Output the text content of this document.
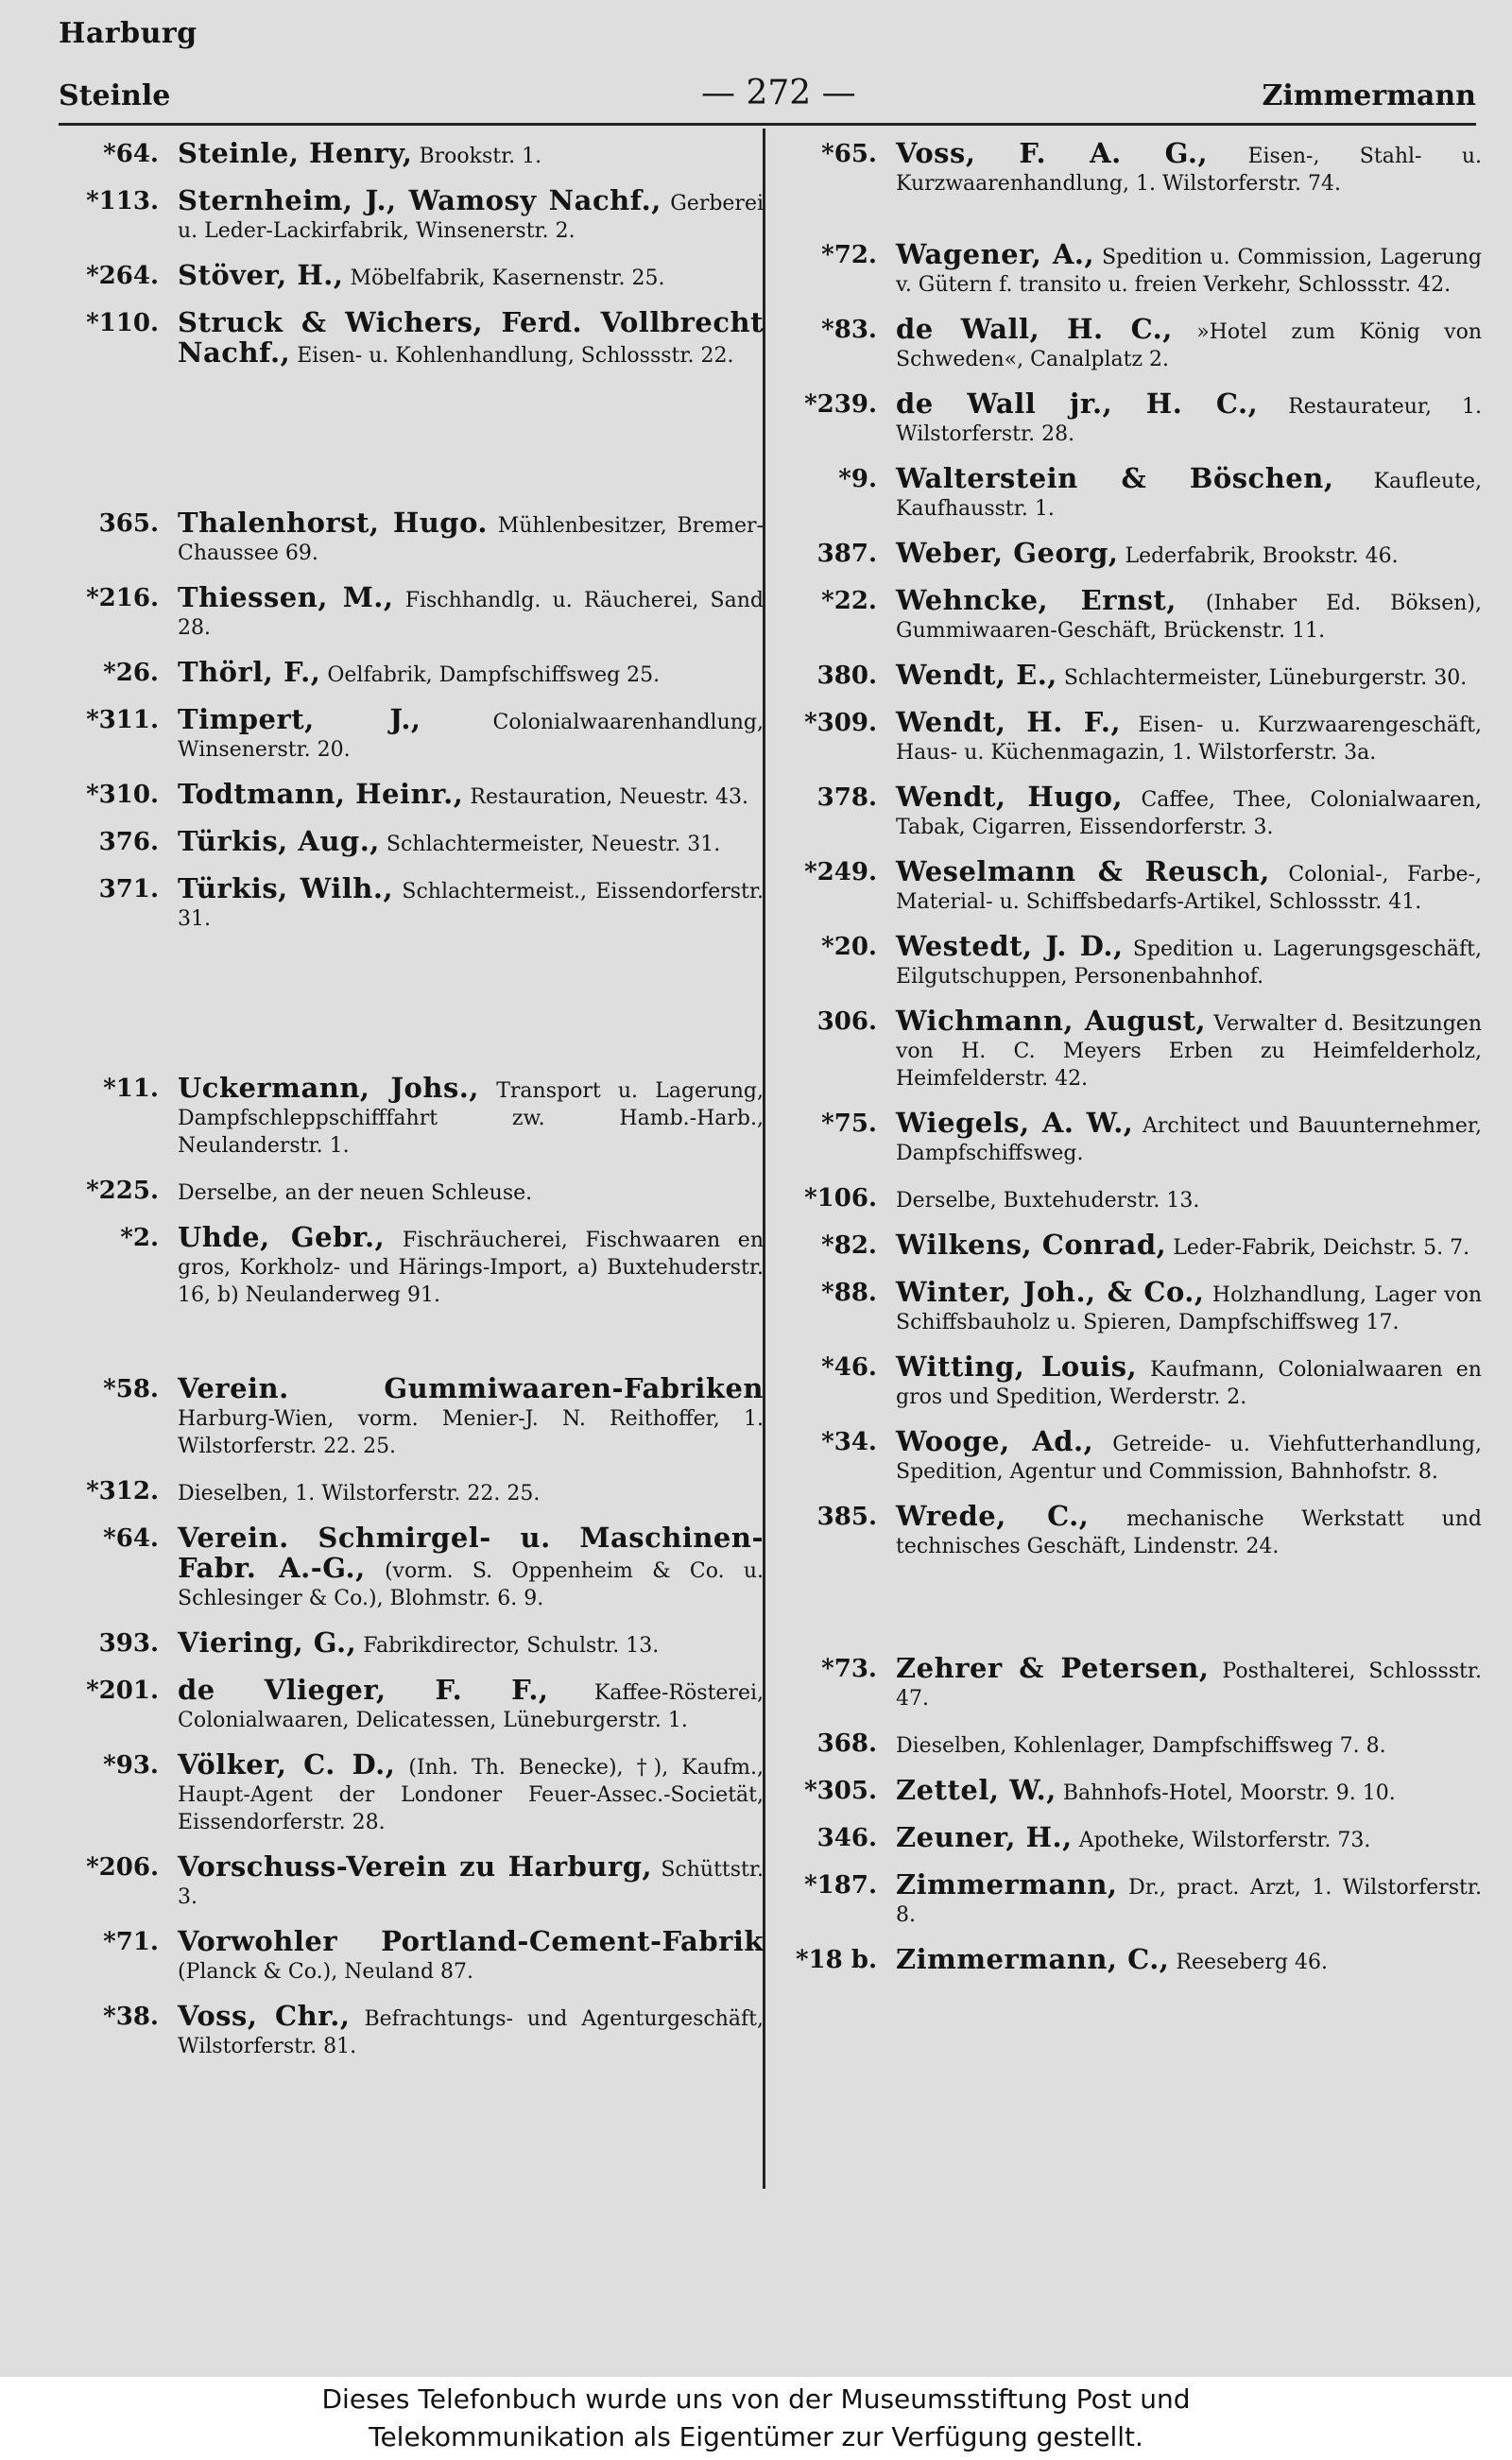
Harburg
Steinle	— 272 —	Zimmermann
*64. Steinle, Henry, Brookstr. 1.
*113. Sternheim, J., Wamosy Nachf., Gerberei u. Leder-Lackirfabrik, Winsenerstr. 2.
*264. Stöver, H., Möbelfabrik, Kasernenstr. 25.
*110. Struck & Wichers, Ferd. Vollbrecht Nachf., Eisen- u. Kohlenhandlung, Schlossstr. 22.
365. Thalenhorst, Hugo. Mühlenbesitzer, Bremer-Chaussee 69.
*216. Thiessen, M., Fischhandlg. u. Räucherei, Sand 28.
*26. Thörl, F., Oelfabrik, Dampfschiffsweg 25.
*311. Timpert, J.,	Colonialwaarenhandlung, Winsenerstr. 20.
*310. Todtmann, Heinr., Restauration, Neuestr. 43.
376. Türkis, Aug., Schlachtermeister, Neuestr. 31.
371. Türkis, Wilh., Schlachtermeist., Eissendorferstr. 31.
*11. Uckermann, Johs., Transport u. Lagerung, Dampfschleppschifffahrt zw. Hamb.-Harb., Neulanderstr. 1.
*225. Derselbe, an der neuen Schleuse.
*2. Uhde, Gebr., Fischräucherei, Fischwaaren en gros, Korkholz- und Härings-Import, a) Buxtehuderstr. 16, b) Neulanderweg 91.
*58. Verein. Gummiwaaren-Fabriken Harburg-Wien, vorm. Menier-J. N. Reithoffer, 1. Wilstorferstr. 22. 25.
*312. Dieselben, 1. Wilstorferstr. 22. 25.
*64. Verein. Schmirgel- u. Maschinen-Fabr. A.-G., (vorm. S. Oppenheim & Co. u. Schlesinger & Co.), Blohmstr. 6. 9.
393. Viering, G., Fabrikdirector, Schulstr. 13.
*201. de Vlieger, F. F., Kaffee-Rösterei, Colonialwaaren, Delicatessen, Lüneburgerstr. 1.
*93. Völker, C. D., (Inh. Th. Benecke), †), Kaufm., Haupt-Agent der Londoner Feuer-Assec.-Societät, Eissendorferstr. 28.
*206. Vorschuss-Verein zu Harburg, Schüttstr. 3.
*71. Vorwohler Portland-Cement-Fabrik (Planck & Co.), Neuland 87.
*38. Voss, Chr., Befrachtungs- und Agenturgeschäft, Wilstorferstr. 81.
*65. Voss, F. A. G., Eisen-, Stahl- u. Kurzwaarenhandlung, 1. Wilstorferstr. 74.
*72. Wagener, A., Spedition u. Commission, Lagerung v. Gütern f. transito u. freien Verkehr, Schlossstr. 42.
*83. de Wall, H. C., »Hotel zum König von Schweden«, Canalplatz 2.
*239. de Wall jr., H. C., Restaurateur, 1. Wilstorferstr. 28.
*9. Walterstein & Böschen, Kaufleute, Kaufhausstr. 1.
387. Weber, Georg, Lederfabrik, Brookstr. 46.
*22. Wehncke, Ernst, (Inhaber Ed. Böksen), Gummiwaaren-Geschäft, Brückenstr. 11.
380. Wendt, E., Schlachtermeister, Lüneburgerstr. 30.
*309. Wendt, H. F., Eisen- u. Kurzwaarengeschäft, Haus- u. Küchenmagazin, 1. Wilstorferstr. 3a.
378. Wendt, Hugo, Caffee, Thee, Colonialwaaren, Tabak, Cigarren, Eissendorferstr. 3.
*249. Weselmann & Reusch, Colonial-, Farbe-, Material- u. Schiffsbedarfs-Artikel, Schlossstr. 41.
*20. Westedt, J. D., Spedition u. Lagerungsgeschäft, Eilgutschuppen, Personenbahnhof.
306. Wichmann, August, Verwalter d. Besitzungen von H. C. Meyers Erben zu Heimfelderholz, Heimfelderstr. 42.
*75. Wiegels, A. W., Architect und Bauunternehmer, Dampfschiffsweg.
*106. Derselbe, Buxtehuderstr. 13.
*82. Wilkens, Conrad, Leder-Fabrik, Deichstr. 5. 7.
*88. Winter, Joh., & Co., Holzhandlung, Lager von Schiffsbauholz u. Spieren, Dampfschiffsweg 17.
*46. Witting, Louis, Kaufmann, Colonialwaaren en gros und Spedition, Werderstr. 2.
*34. Wooge, Ad., Getreide- u. Viehfutterhandlung, Spedition, Agentur und Commission, Bahnhofstr. 8.
385. Wrede, C., mechanische Werkstatt und technisches Geschäft, Lindenstr. 24.
*73. Zehrer & Petersen, Posthalterei, Schlossstr. 47.
368. Dieselben, Kohlenlager, Dampfschiffsweg 7. 8.
*305. Zettel, W., Bahnhofs-Hotel, Moorstr. 9. 10.
346. Zeuner, H., Apotheke, Wilstorferstr. 73.
*187. Zimmermann, Dr., pract. Arzt, 1. Wilstorferstr. 8.
*18 b. Zimmermann, C., Reeseberg 46.
Dieses Telefonbuch wurde uns von der Museumsstiftung Post und
Telekommunikation als Eigentümer zur Verfügung gestellt.
